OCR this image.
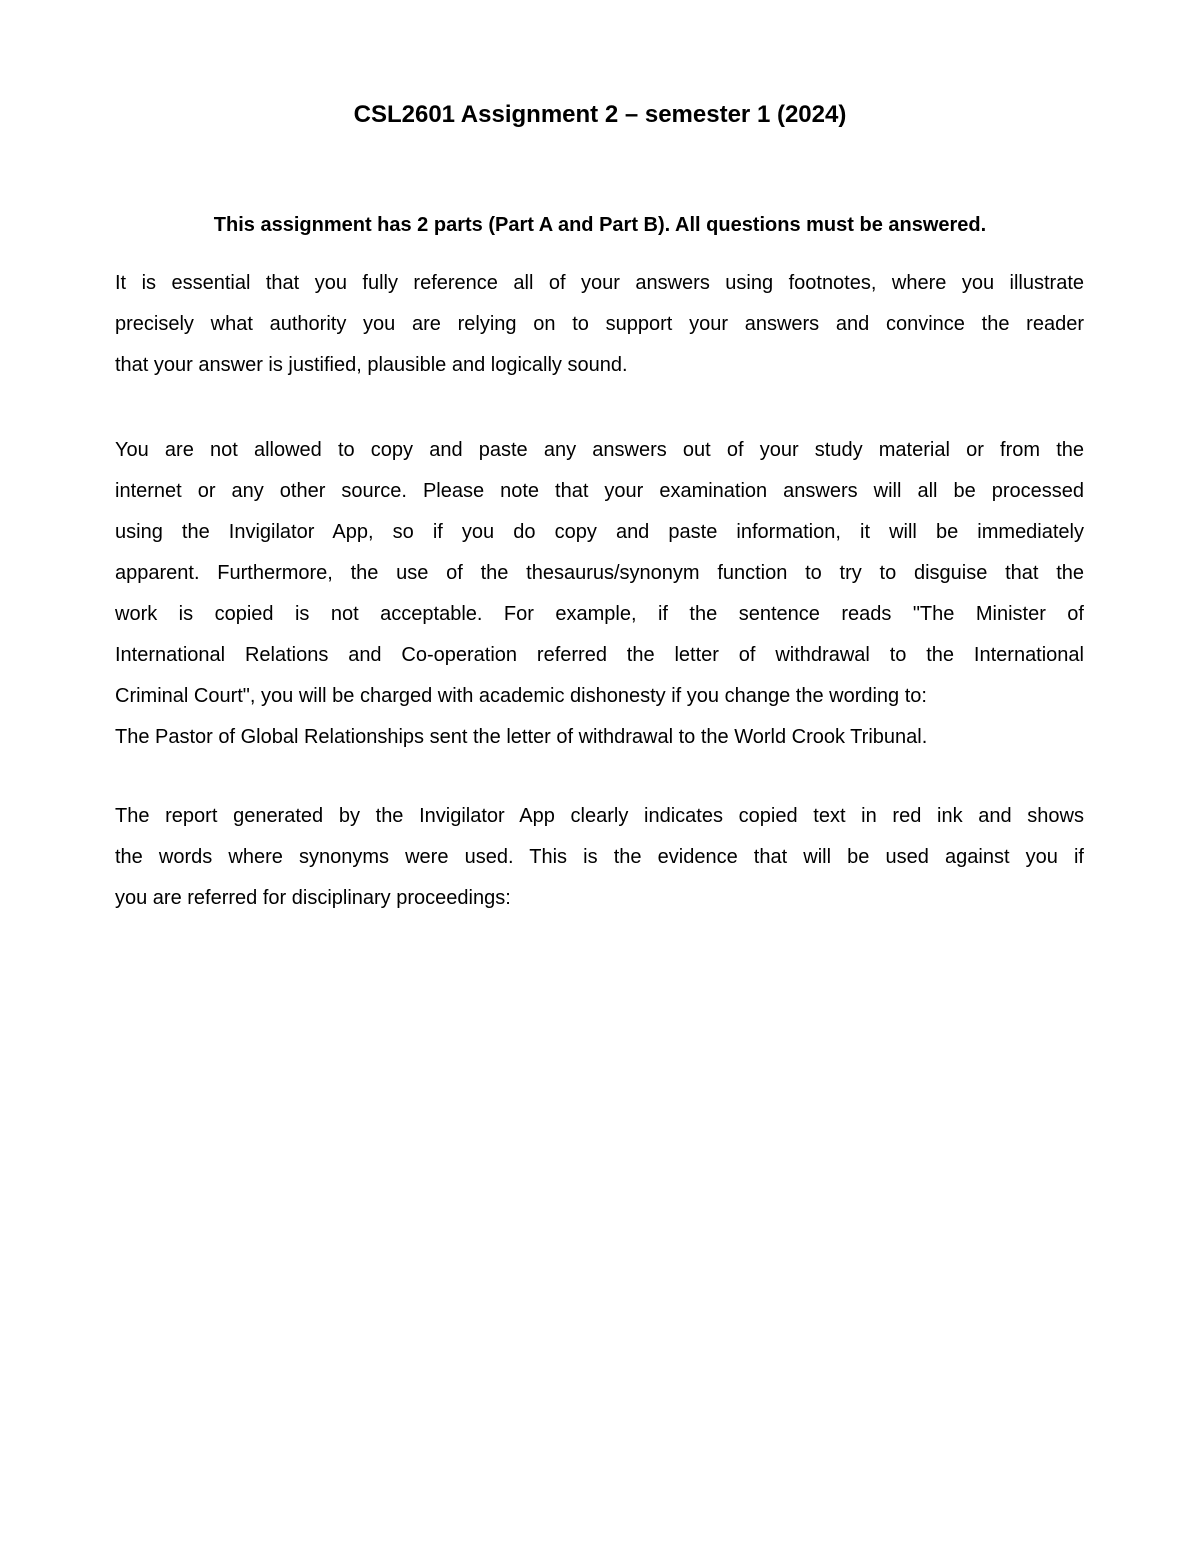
CSL2601 Assignment 2 – semester 1 (2024)

This assignment has 2 parts (Part A and Part B). All questions must be answered.

It is essential that you fully reference all of your answers using footnotes, where you illustrate
precisely what authority you are relying on to support your answers and convince the reader
that your answer is justified, plausible and logically sound.
You are not allowed to copy and paste any answers out of your study material or from the
internet or any other source. Please note that your examination answers will all be processed
using the Invigilator App, so if you do copy and paste information, it will be immediately
apparent. Furthermore, the use of the thesaurus/synonym function to try to disguise that the
work is copied is not acceptable. For example, if the sentence reads "The Minister of
International Relations and Co-operation referred the letter of withdrawal to the International
Criminal Court", you will be charged with academic dishonesty if you change the wording to:
The Pastor of Global Relationships sent the letter of withdrawal to the World Crook Tribunal.
The report generated by the Invigilator App clearly indicates copied text in red ink and shows
the words where synonyms were used. This is the evidence that will be used against you if
you are referred for disciplinary proceedings:
